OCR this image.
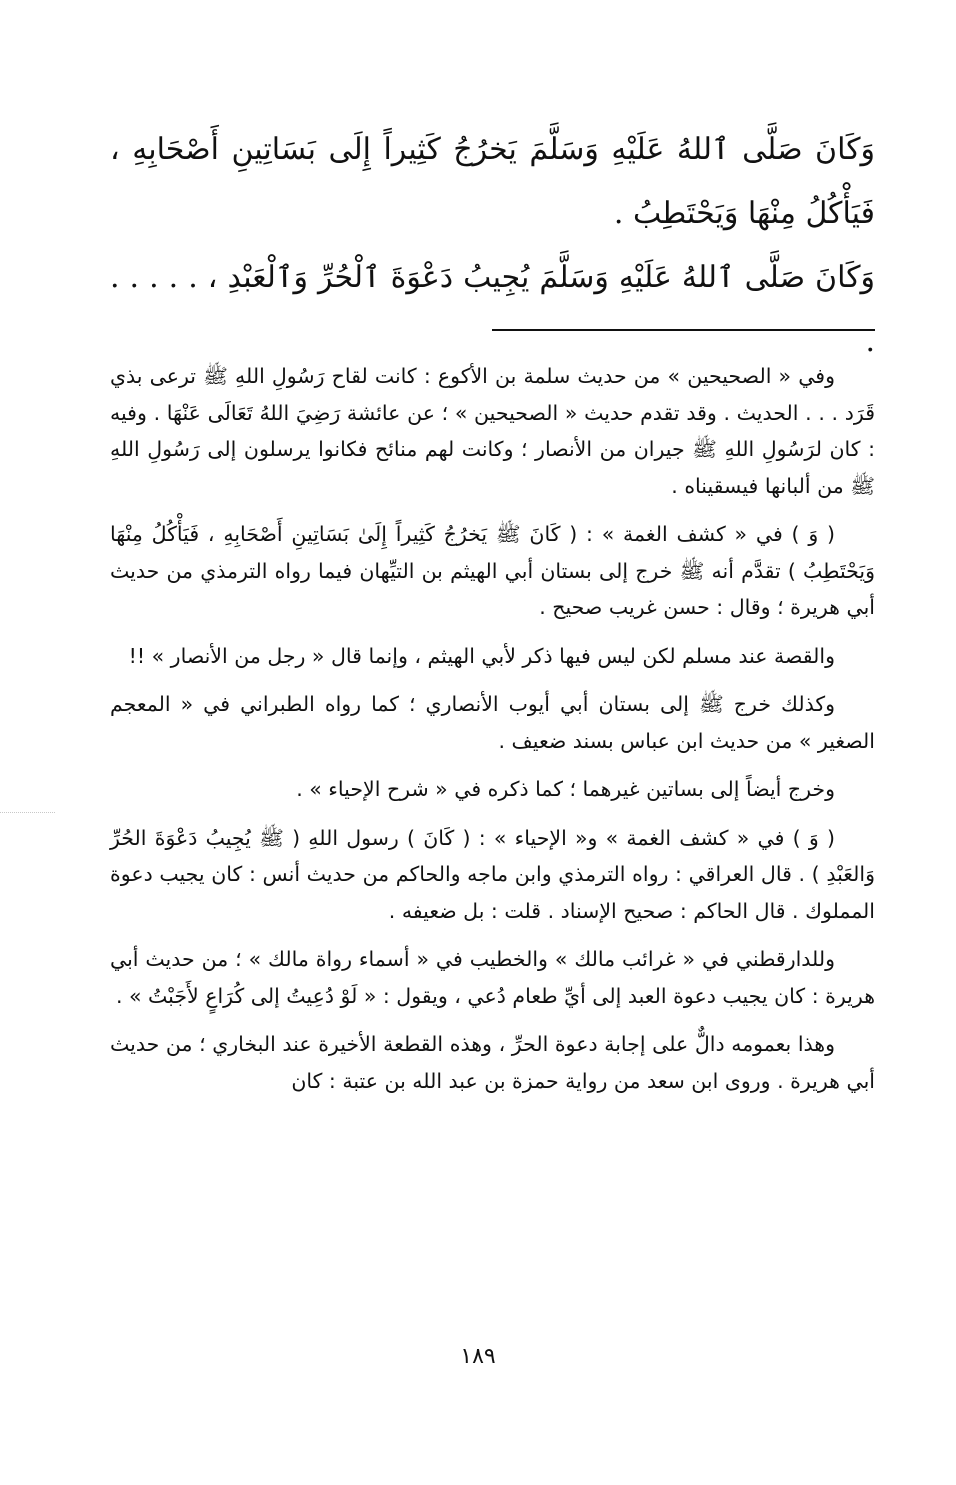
وَكَانَ صَلَّى ٱللهُ عَلَيْهِ وَسَلَّمَ يَخرُجُ كَثِيراً إِلَى بَسَاتِينِ أَصْحَابِهِ ، فَيَأْكُلُ مِنْهَا وَيَحْتَطِبُ .

وَكَانَ صَلَّى ٱللهُ عَلَيْهِ وَسَلَّمَ يُجِيبُ دَعْوَةَ ٱلْحُرِّ وَٱلْعَبْدِ ، . . . . . .

وفي « الصحيحين » من حديث سلمة بن الأكوع : كانت لقاح رَسُولِ اللهِ ﷺ ترعى بذي قَرَد . . . الحديث . وقد تقدم حديث « الصحيحين » ؛ عن عائشة رَضِيَ اللهُ تَعَالَى عَنْهَا . وفيه : كان لرَسُولِ اللهِ ﷺ جيران من الأنصار ؛ وكانت لهم منائح فكانوا يرسلون إلى رَسُولِ اللهِ ﷺ من ألبانها فيسقيناه .

( وَ ) في « كشف الغمة » : ( كَانَ ﷺ يَخرُجُ كَثِيراً إِلَىٰ بَسَاتِينِ أَصْحَابِهِ ، فَيَأْكُلُ مِنْهَا وَيَحْتَطِبُ ) تقدَّم أنه ﷺ خرج إلى بستان أبي الهيثم بن التيِّهان فيما رواه الترمذي من حديث أبي هريرة ؛ وقال : حسن غريب صحيح .

والقصة عند مسلم لكن ليس فيها ذكر لأبي الهيثم ، وإنما قال « رجل من الأنصار » !!

وكذلك خرج ﷺ إلى بستان أبي أيوب الأنصاري ؛ كما رواه الطبراني في « المعجم الصغير » من حديث ابن عباس بسند ضعيف .

وخرج أيضاً إلى بساتين غيرهما ؛ كما ذكره في « شرح الإحياء » .

( وَ ) في « كشف الغمة » و« الإحياء » : ( كَانَ ) رسول اللهِ ( ﷺ يُجِيبُ دَعْوَةَ الحُرِّ وَالعَبْدِ ) . قال العراقي : رواه الترمذي وابن ماجه والحاكم من حديث أنس : كان يجيب دعوة المملوك . قال الحاكم : صحيح الإسناد . قلت : بل ضعيفه .

وللدارقطني في « غرائب مالك » والخطيب في « أسماء رواة مالك » ؛ من حديث أبي هريرة : كان يجيب دعوة العبد إلى أيِّ طعام دُعي ، ويقول : « لَوْ دُعِيتُ إلى كُرَاعٍ لأَجَبْتُ » .

وهذا بعمومه دالٌّ على إجابة دعوة الحرِّ ، وهذه القطعة الأخيرة عند البخاري ؛ من حديث أبي هريرة . وروى ابن سعد من رواية حمزة بن عبد الله بن عتبة : كان

١٨٩
